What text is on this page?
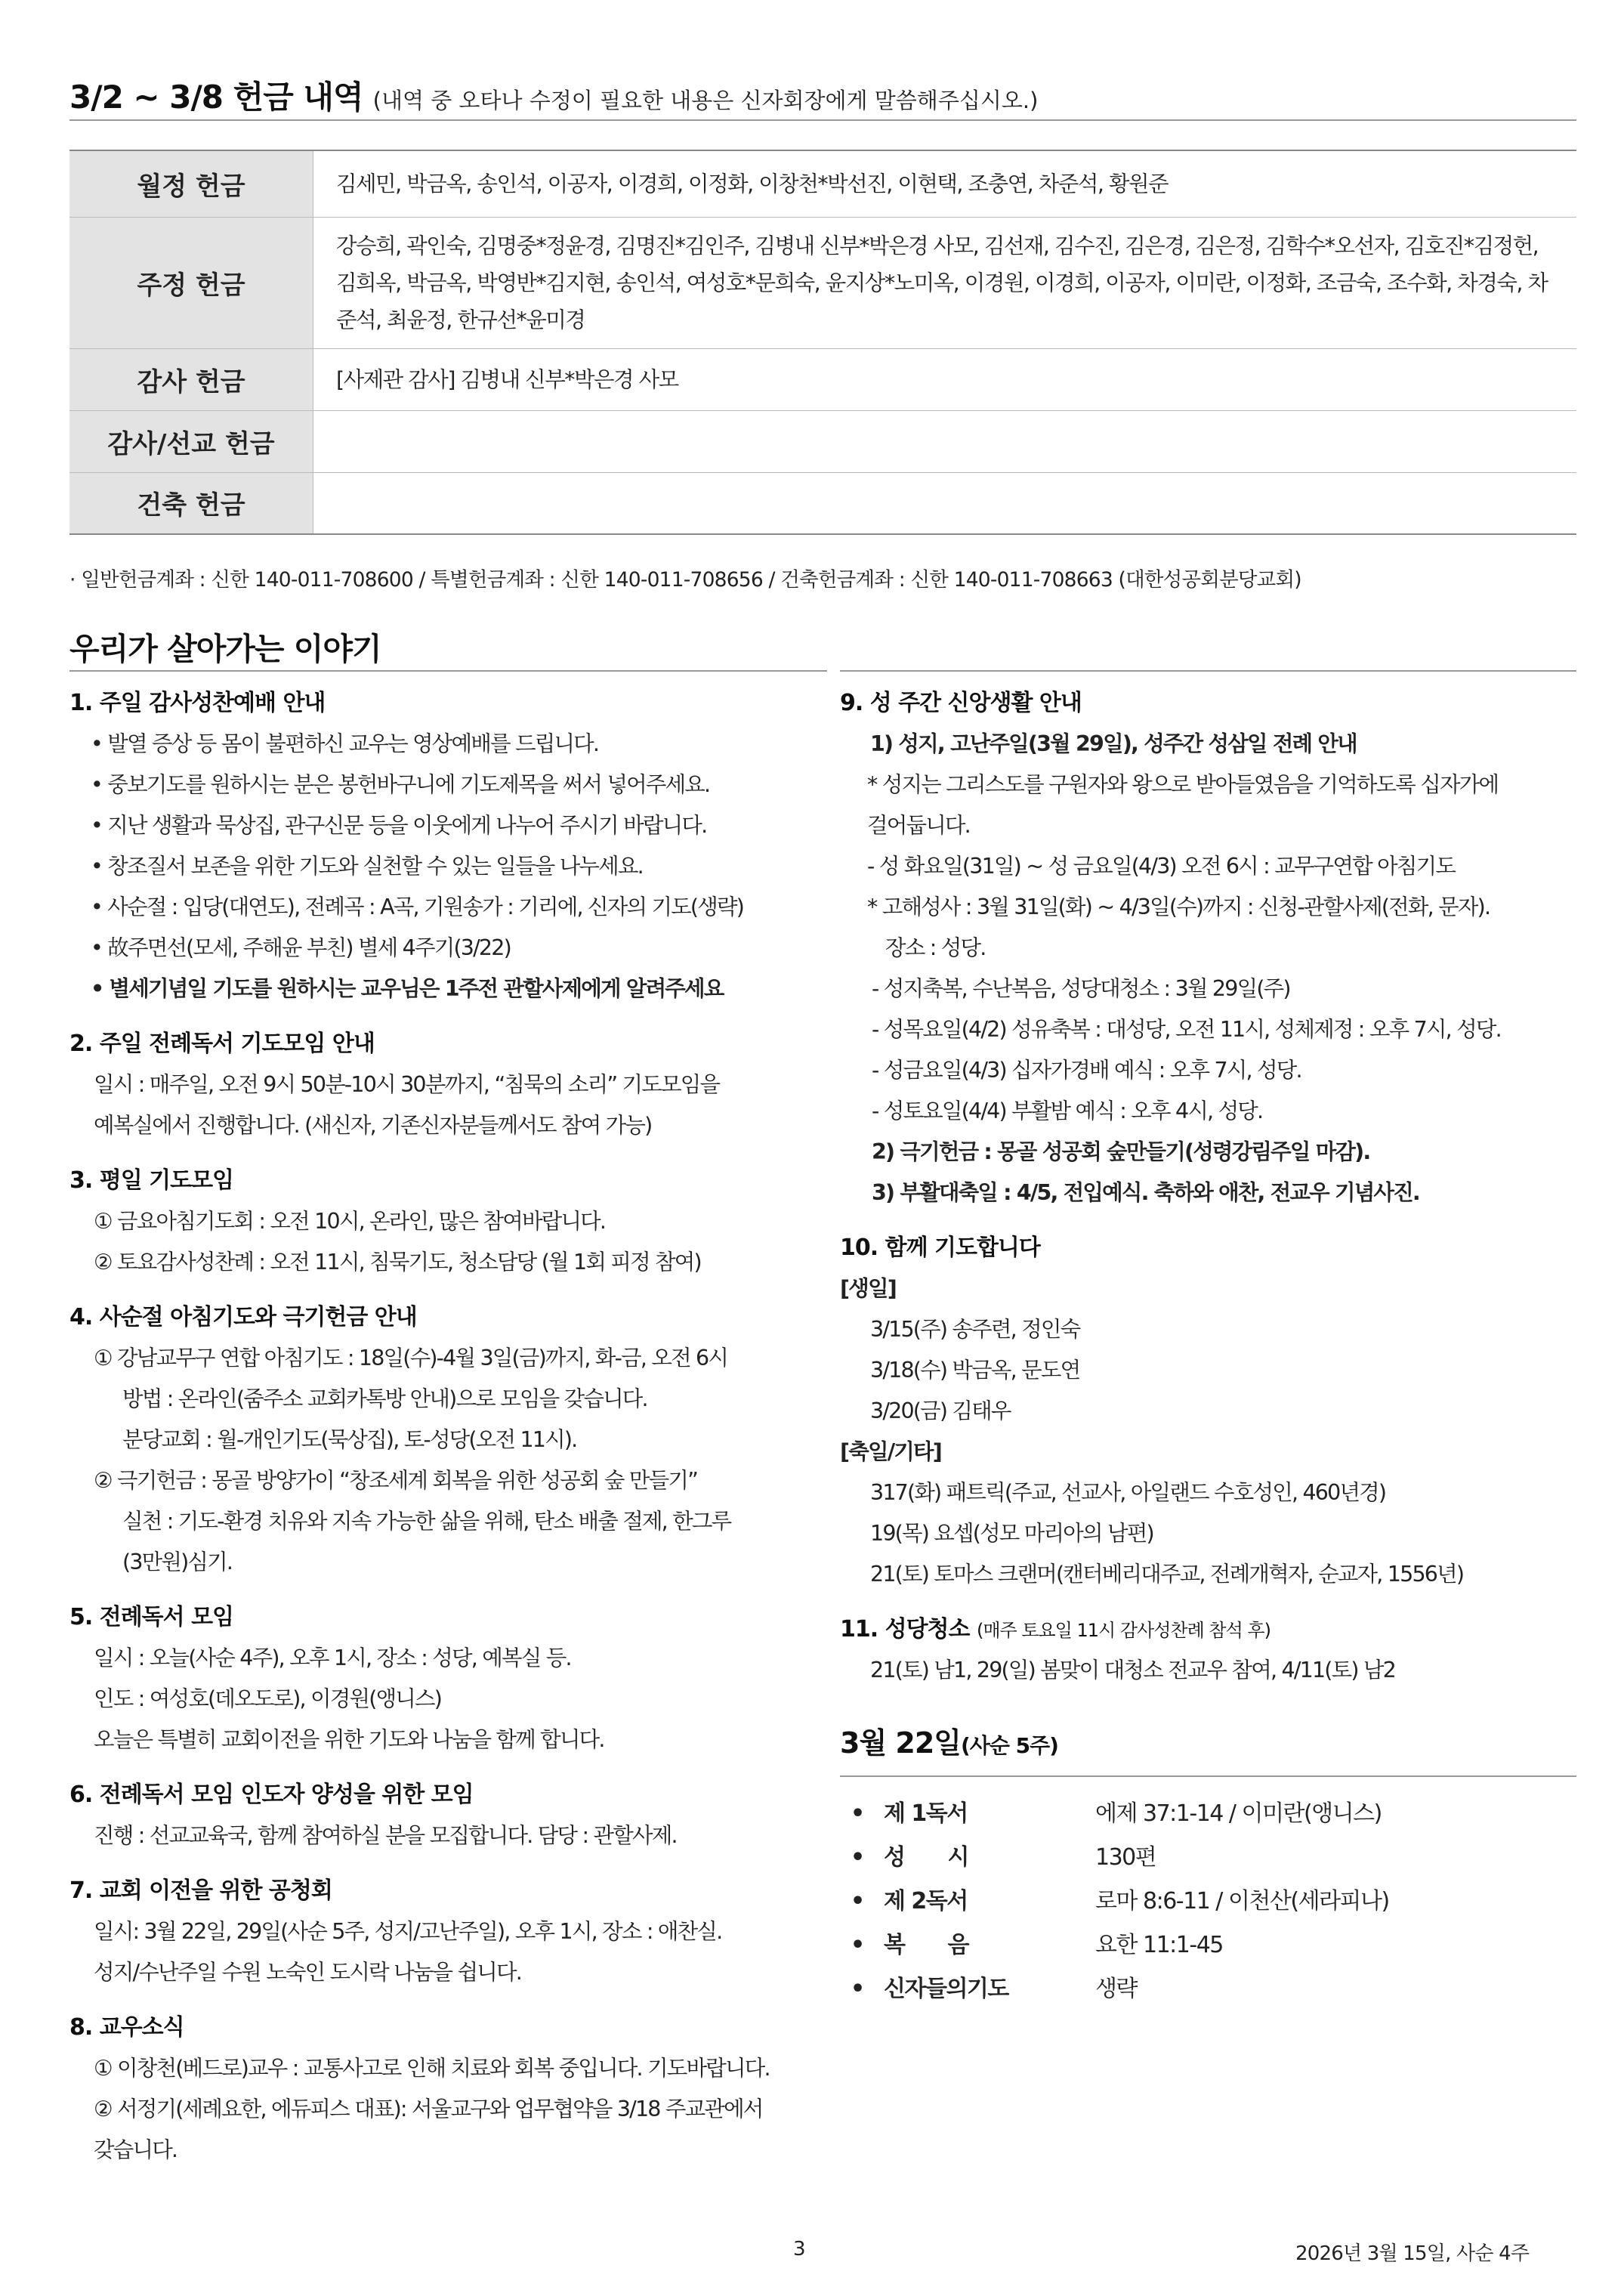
3/2 ~ 3/8 헌금 내역 (내역 중 오타나 수정이 필요한 내용은 신자회장에게 말씀해주십시오.)
월정 헌금	김세민, 박금옥, 송인석, 이공자, 이경희, 이정화, 이창천*박선진, 이현택, 조충연, 차준석, 황원준

주정 헌금	강승희, 곽인숙, 김명중*정윤경, 김명진*김인주, 김병내 신부*박은경 사모, 김선재, 김수진, 김은경, 김은정, 김학수*오선자, 김호진*김정헌,
김희옥, 박금옥, 박영반*김지현, 송인석, 여성호*문희숙, 윤지상*노미옥, 이경원, 이경희, 이공자, 이미란, 이정화, 조금숙, 조수화, 차경숙, 차
준석, 최윤정, 한규선*윤미경

감사 헌금	[사제관 감사] 김병내 신부*박은경 사모

감사/선교 헌금	

건축 헌금	
· 일반헌금계좌 : 신한 140-011-708600 / 특별헌금계좌 : 신한 140-011-708656 / 건축헌금계좌 : 신한 140-011-708663 (대한성공회분당교회)
우리가 살아가는 이야기
1. 주일 감사성찬예배 안내
• 발열 증상 등 몸이 불편하신 교우는 영상예배를 드립니다.
• 중보기도를 원하시는 분은 봉헌바구니에 기도제목을 써서 넣어주세요.
• 지난 생활과 묵상집, 관구신문 등을 이웃에게 나누어 주시기 바랍니다.
• 창조질서 보존을 위한 기도와 실천할 수 있는 일들을 나누세요.
• 사순절 : 입당(대연도), 전례곡 : A곡, 기원송가 : 기리에, 신자의 기도(생략)
• 故주면선(모세, 주해윤 부친) 별세 4주기(3/22)
• 별세기념일 기도를 원하시는 교우님은 1주전 관할사제에게 알려주세요
2. 주일 전례독서 기도모임 안내
일시 : 매주일, 오전 9시 50분-10시 30분까지, “침묵의 소리” 기도모임을
예복실에서 진행합니다. (새신자, 기존신자분들께서도 참여 가능)
3. 평일 기도모임
① 금요아침기도회 : 오전 10시, 온라인, 많은 참여바랍니다.
② 토요감사성찬례 : 오전 11시, 침묵기도, 청소담당 (월 1회 피정 참여)
4. 사순절 아침기도와 극기헌금 안내
① 강남교무구 연합 아침기도 : 18일(수)-4월 3일(금)까지, 화-금, 오전 6시
방법 : 온라인(줌주소 교회카톡방 안내)으로 모임을 갖습니다.
분당교회 : 월-개인기도(묵상집), 토-성당(오전 11시).
② 극기헌금 : 몽골 방양가이 “창조세계 회복을 위한 성공회 숲 만들기”
실천 : 기도-환경 치유와 지속 가능한 삶을 위해, 탄소 배출 절제, 한그루
(3만원)심기.
5. 전례독서 모임
일시 : 오늘(사순 4주), 오후 1시, 장소 : 성당, 예복실 등.
인도 : 여성호(데오도로), 이경원(앵니스)
오늘은 특별히 교회이전을 위한 기도와 나눔을 함께 합니다.
6. 전례독서 모임 인도자 양성을 위한 모임
진행 : 선교교육국, 함께 참여하실 분을 모집합니다. 담당 : 관할사제.
7. 교회 이전을 위한 공청회
일시: 3월 22일, 29일(사순 5주, 성지/고난주일), 오후 1시, 장소 : 애찬실.
성지/수난주일 수원 노숙인 도시락 나눔을 쉽니다.
8. 교우소식
① 이창천(베드로)교우 : 교통사고로 인해 치료와 회복 중입니다. 기도바랍니다.
② 서정기(세례요한, 에듀피스 대표): 서울교구와 업무협약을 3/18 주교관에서
갖습니다.
9. 성 주간 신앙생활 안내
1) 성지, 고난주일(3월 29일), 성주간 성삼일 전례 안내
* 성지는 그리스도를 구원자와 왕으로 받아들였음을 기억하도록 십자가에
걸어둡니다.
- 성 화요일(31일) ~ 성 금요일(4/3) 오전 6시 : 교무구연합 아침기도
* 고해성사 : 3월 31일(화) ~ 4/3일(수)까지 : 신청-관할사제(전화, 문자).
장소 : 성당.
- 성지축복, 수난복음, 성당대청소 : 3월 29일(주)
- 성목요일(4/2) 성유축복 : 대성당, 오전 11시, 성체제정 : 오후 7시, 성당.
- 성금요일(4/3) 십자가경배 예식 : 오후 7시, 성당.
- 성토요일(4/4) 부활밤 예식 : 오후 4시, 성당.
2) 극기헌금 : 몽골 성공회 숲만들기(성령강림주일 마감).
3) 부활대축일 : 4/5, 전입예식. 축하와 애찬, 전교우 기념사진.
10. 함께 기도합니다
[생일]
3/15(주) 송주련, 정인숙
3/18(수) 박금옥, 문도연
3/20(금) 김태우
[축일/기타]
317(화) 패트릭(주교, 선교사, 아일랜드 수호성인, 460년경)
19(목) 요셉(성모 마리아의 남편)
21(토) 토마스 크랜머(캔터베리대주교, 전례개혁자, 순교자, 1556년)
11. 성당청소 (매주 토요일 11시 감사성찬례 참석 후)
21(토) 남1, 29(일) 봄맞이 대청소 전교우 참여, 4/11(토) 남2
3월 22일(사순 5주)
• 제 1독서	에제 37:1-14 / 이미란(앵니스)
• 성　　시	130편
• 제 2독서	로마 8:6-11 / 이천산(세라피나)
• 복　　음	요한 11:1-45
• 신자들의기도	생략
3	2026년 3월 15일, 사순 4주
